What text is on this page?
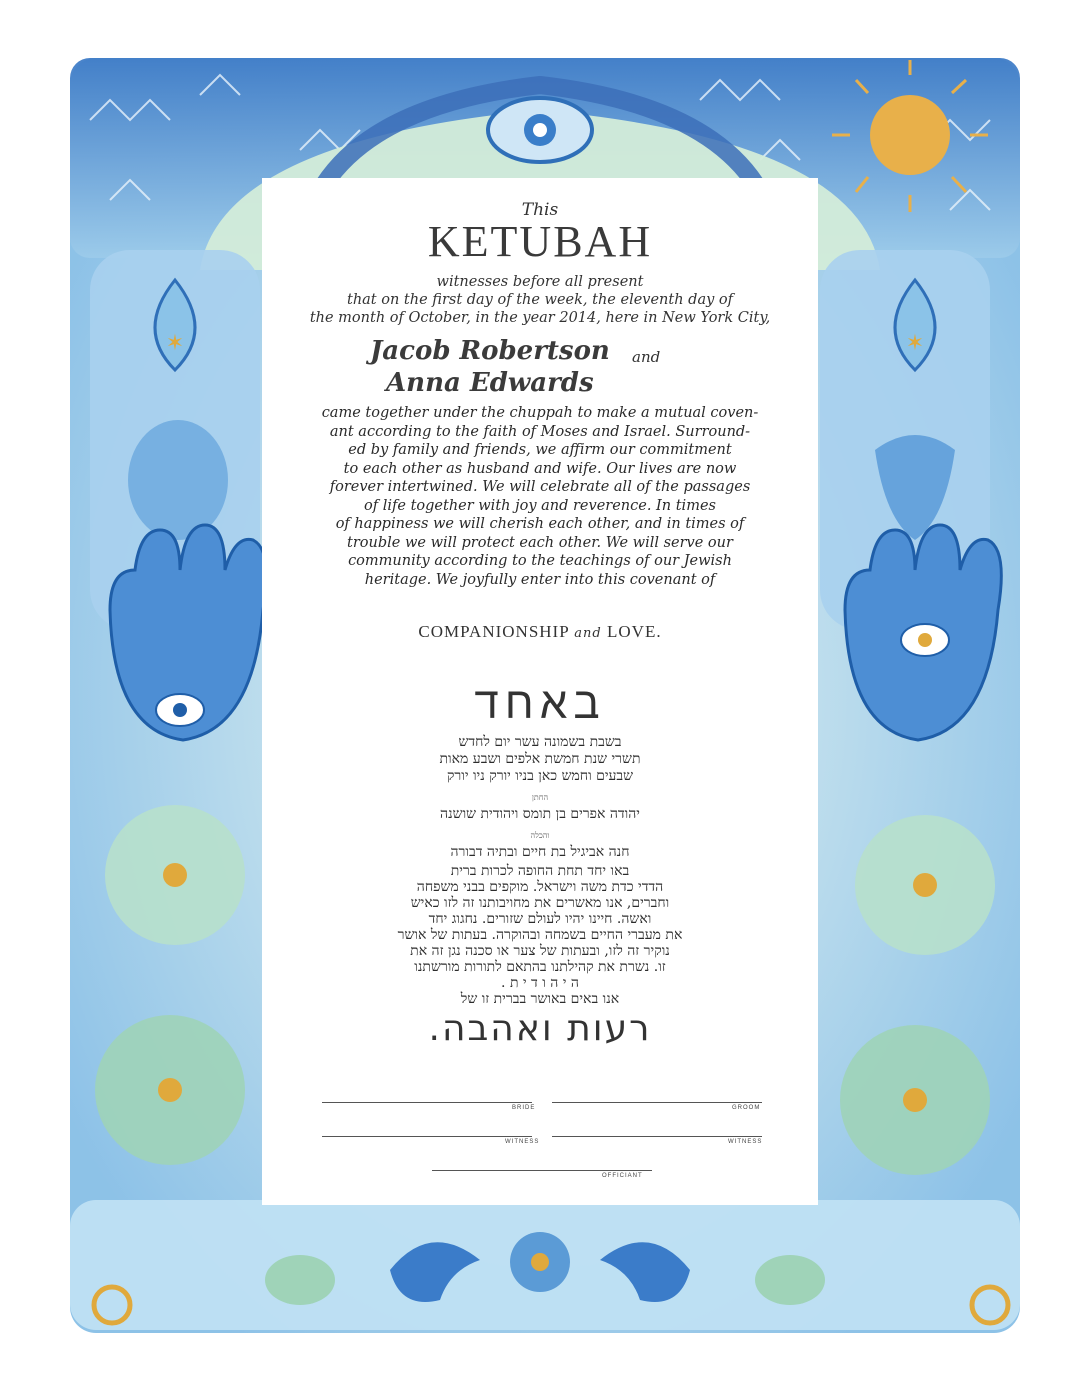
✶	✶
This
KETUBAH
witnesses before all present
that on the first day of the week, the eleventh day of
the month of October, in the year 2014, here in New York City,
Jacob Robertson and
Anna Edwards
came together under the chuppah to make a mutual coven-
ant according to the faith of Moses and Israel. Surround-
ed by family and friends, we affirm our commitment
to each other as husband and wife. Our lives are now
forever intertwined. We will celebrate all of the passages
of life together with joy and reverence. In times
of happiness we will cherish each other, and in times of
trouble we will protect each other. We will serve our
community according to the teachings of our Jewish
heritage. We joyfully enter into this covenant of
COMPANIONSHIP and LOVE.
באחד
בשבת בשמונה עשר יום לחדש
תשרי שנת חמשת אלפים ושבע מאות
שבעים וחמש כאן בניו יורק ניו יורק
החתן
יהודה אפרים בן תומס ויהודית שושנה
והכלה
חנה אביגיל בת חיים ובתיה דבורה
באו יחד תחת החופה לכרות ברית
הדדי כדת משה וישראל. מוקפים בבני משפחה
וחברים, אנו מאשרים את מחויבותנו זה לזו כאיש
ואשה. חיינו יהיו לעולם שזורים. נחגוג יחד
את מעברי החיים בשמחה ובהוקרה. בעתות של אושר
נוקיר זה לזו, ובעתות של צער או סכנה נגן זה את
זו. נשרת את קהילתנו בהתאם לתורות מורשתנו
ה י ה ו ד י ת .
אנו באים באושר בברית זו של
רעות ואהבה.
BRIDE	GROOM
WITNESS	WITNESS
OFFICIANT
